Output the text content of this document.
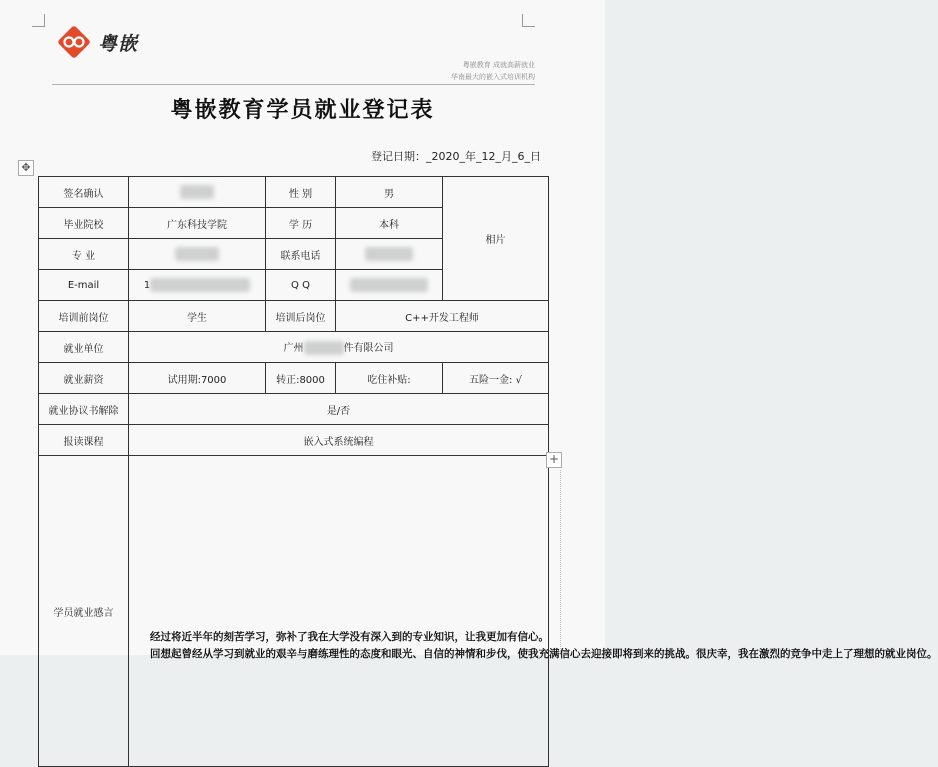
粤嵌
粤嵌教育 成就高薪就业
华南最大的嵌入式培训机构
粤嵌教育学员就业登记表
登记日期：_2020_年_12_月_6_日
✥
签名确认		性 别	男	相片
毕业院校	广东科技学院	学 历	本科	
专 业		联系电话		
E-mail	1	Q Q		
培训前岗位	学生	培训后岗位	C++开发工程师	
就业单位	广州 件有限公司			
就业薪资	试用期:7000	转正:8000	吃住补贴:	五险一金: √
就业协议书解除	是/否			
报读课程	嵌入式系统编程			
学员就业感言	经过将近半年的刻苦学习，弥补了我在大学没有深入到的专业知识，让我更加有信心。

回想起曾经从学习到就业的艰辛与磨练理性的态度和眼光、自信的神情和步伐，使我充满信心去迎接即将到来的挑战。很庆幸，我在激烈的竞争中走上了理想的就业岗位。			

+
